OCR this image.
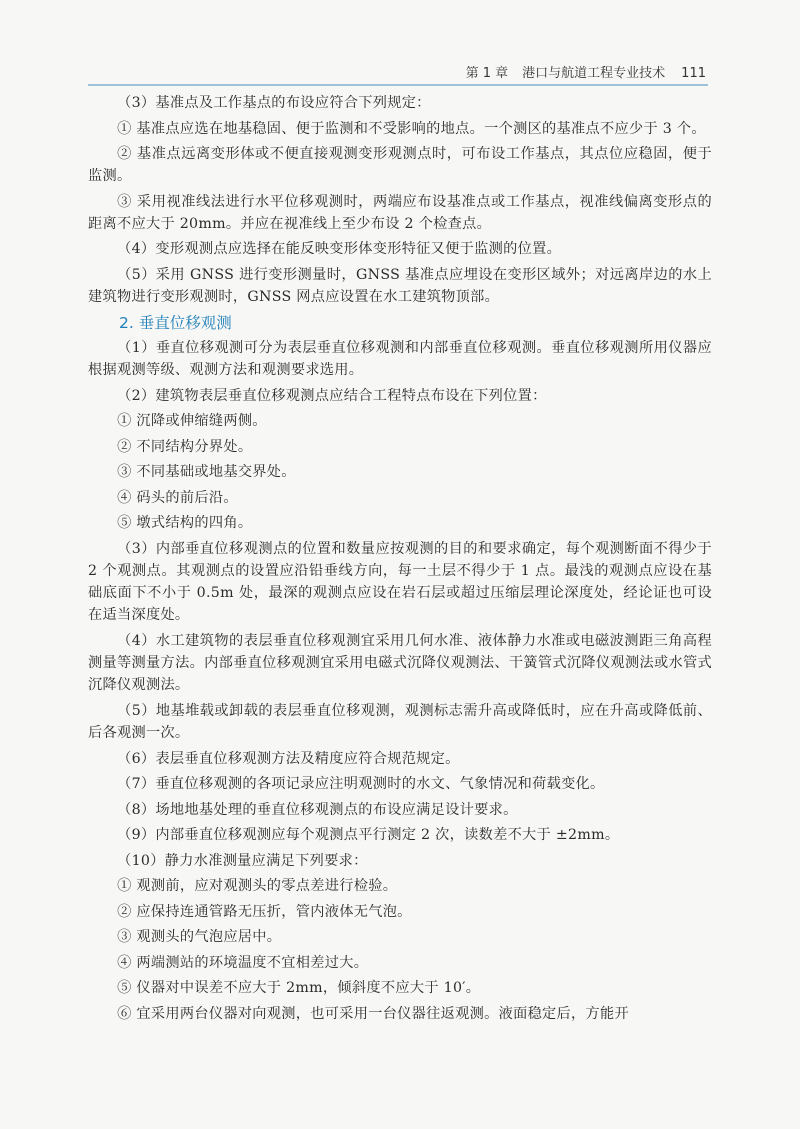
第 1 章 港口与航道工程专业技术 111

（3）基准点及工作基点的布设应符合下列规定：

① 基准点应选在地基稳固、便于监测和不受影响的地点。一个测区的基准点不应少于 3 个。

② 基准点远离变形体或不便直接观测变形观测点时，可布设工作基点，其点位应稳固，便于监测。

③ 采用视准线法进行水平位移观测时，两端应布设基准点或工作基点，视准线偏离变形点的距离不应大于 20mm。并应在视准线上至少布设 2 个检查点。

（4）变形观测点应选择在能反映变形体变形特征又便于监测的位置。

（5）采用 GNSS 进行变形测量时，GNSS 基准点应埋设在变形区域外；对远离岸边的水上建筑物进行变形观测时，GNSS 网点应设置在水工建筑物顶部。

2. 垂直位移观测

（1）垂直位移观测可分为表层垂直位移观测和内部垂直位移观测。垂直位移观测所用仪器应根据观测等级、观测方法和观测要求选用。

（2）建筑物表层垂直位移观测点应结合工程特点布设在下列位置：

① 沉降或伸缩缝两侧。

② 不同结构分界处。

③ 不同基础或地基交界处。

④ 码头的前后沿。

⑤ 墩式结构的四角。

（3）内部垂直位移观测点的位置和数量应按观测的目的和要求确定，每个观测断面不得少于 2 个观测点。其观测点的设置应沿铅垂线方向，每一土层不得少于 1 点。最浅的观测点应设在基础底面下不小于 0.5m 处，最深的观测点应设在岩石层或超过压缩层理论深度处，经论证也可设在适当深度处。

（4）水工建筑物的表层垂直位移观测宜采用几何水准、液体静力水准或电磁波测距三角高程测量等测量方法。内部垂直位移观测宜采用电磁式沉降仪观测法、干簧管式沉降仪观测法或水管式沉降仪观测法。

（5）地基堆载或卸载的表层垂直位移观测，观测标志需升高或降低时，应在升高或降低前、后各观测一次。

（6）表层垂直位移观测方法及精度应符合规范规定。

（7）垂直位移观测的各项记录应注明观测时的水文、气象情况和荷载变化。

（8）场地地基处理的垂直位移观测点的布设应满足设计要求。

（9）内部垂直位移观测应每个观测点平行测定 2 次，读数差不大于 ±2mm。

（10）静力水准测量应满足下列要求：

① 观测前，应对观测头的零点差进行检验。

② 应保持连通管路无压折，管内液体无气泡。

③ 观测头的气泡应居中。

④ 两端测站的环境温度不宜相差过大。

⑤ 仪器对中误差不应大于 2mm，倾斜度不应大于 10′。

⑥ 宜采用两台仪器对向观测，也可采用一台仪器往返观测。液面稳定后，方能开
